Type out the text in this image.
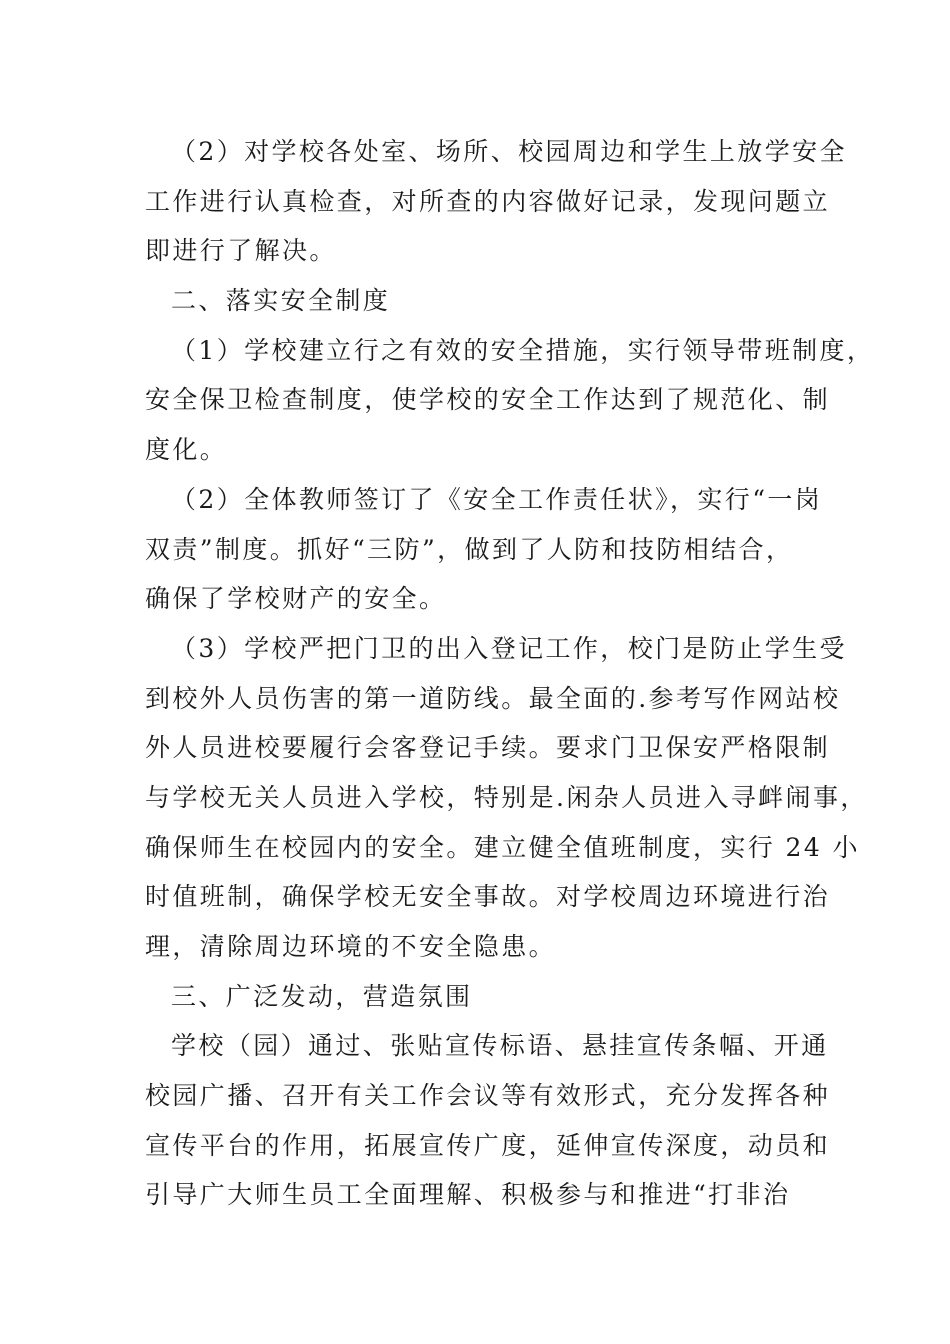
（2）对学校各处室、场所、校园周边和学生上放学安全
工作进行认真检查，对所查的内容做好记录，发现问题立
即进行了解决。
二、落实安全制度
（1）学校建立行之有效的安全措施，实行领导带班制度，
安全保卫检查制度，使学校的安全工作达到了规范化、制
度化。
（2）全体教师签订了《安全工作责任状》，实行“一岗
双责”制度。抓好“三防”，做到了人防和技防相结合，
确保了学校财产的安全。
（3）学校严把门卫的出入登记工作，校门是防止学生受
到校外人员伤害的第一道防线。最全面的.参考写作网站校
外人员进校要履行会客登记手续。要求门卫保安严格限制
与学校无关人员进入学校，特别是.闲杂人员进入寻衅闹事，
确保师生在校园内的安全。建立健全值班制度，实行 24 小
时值班制，确保学校无安全事故。对学校周边环境进行治
理，清除周边环境的不安全隐患。
三、广泛发动，营造氛围
学校（园）通过、张贴宣传标语、悬挂宣传条幅、开通
校园广播、召开有关工作会议等有效形式，充分发挥各种
宣传平台的作用，拓展宣传广度，延伸宣传深度，动员和
引导广大师生员工全面理解、积极参与和推进“打非治
